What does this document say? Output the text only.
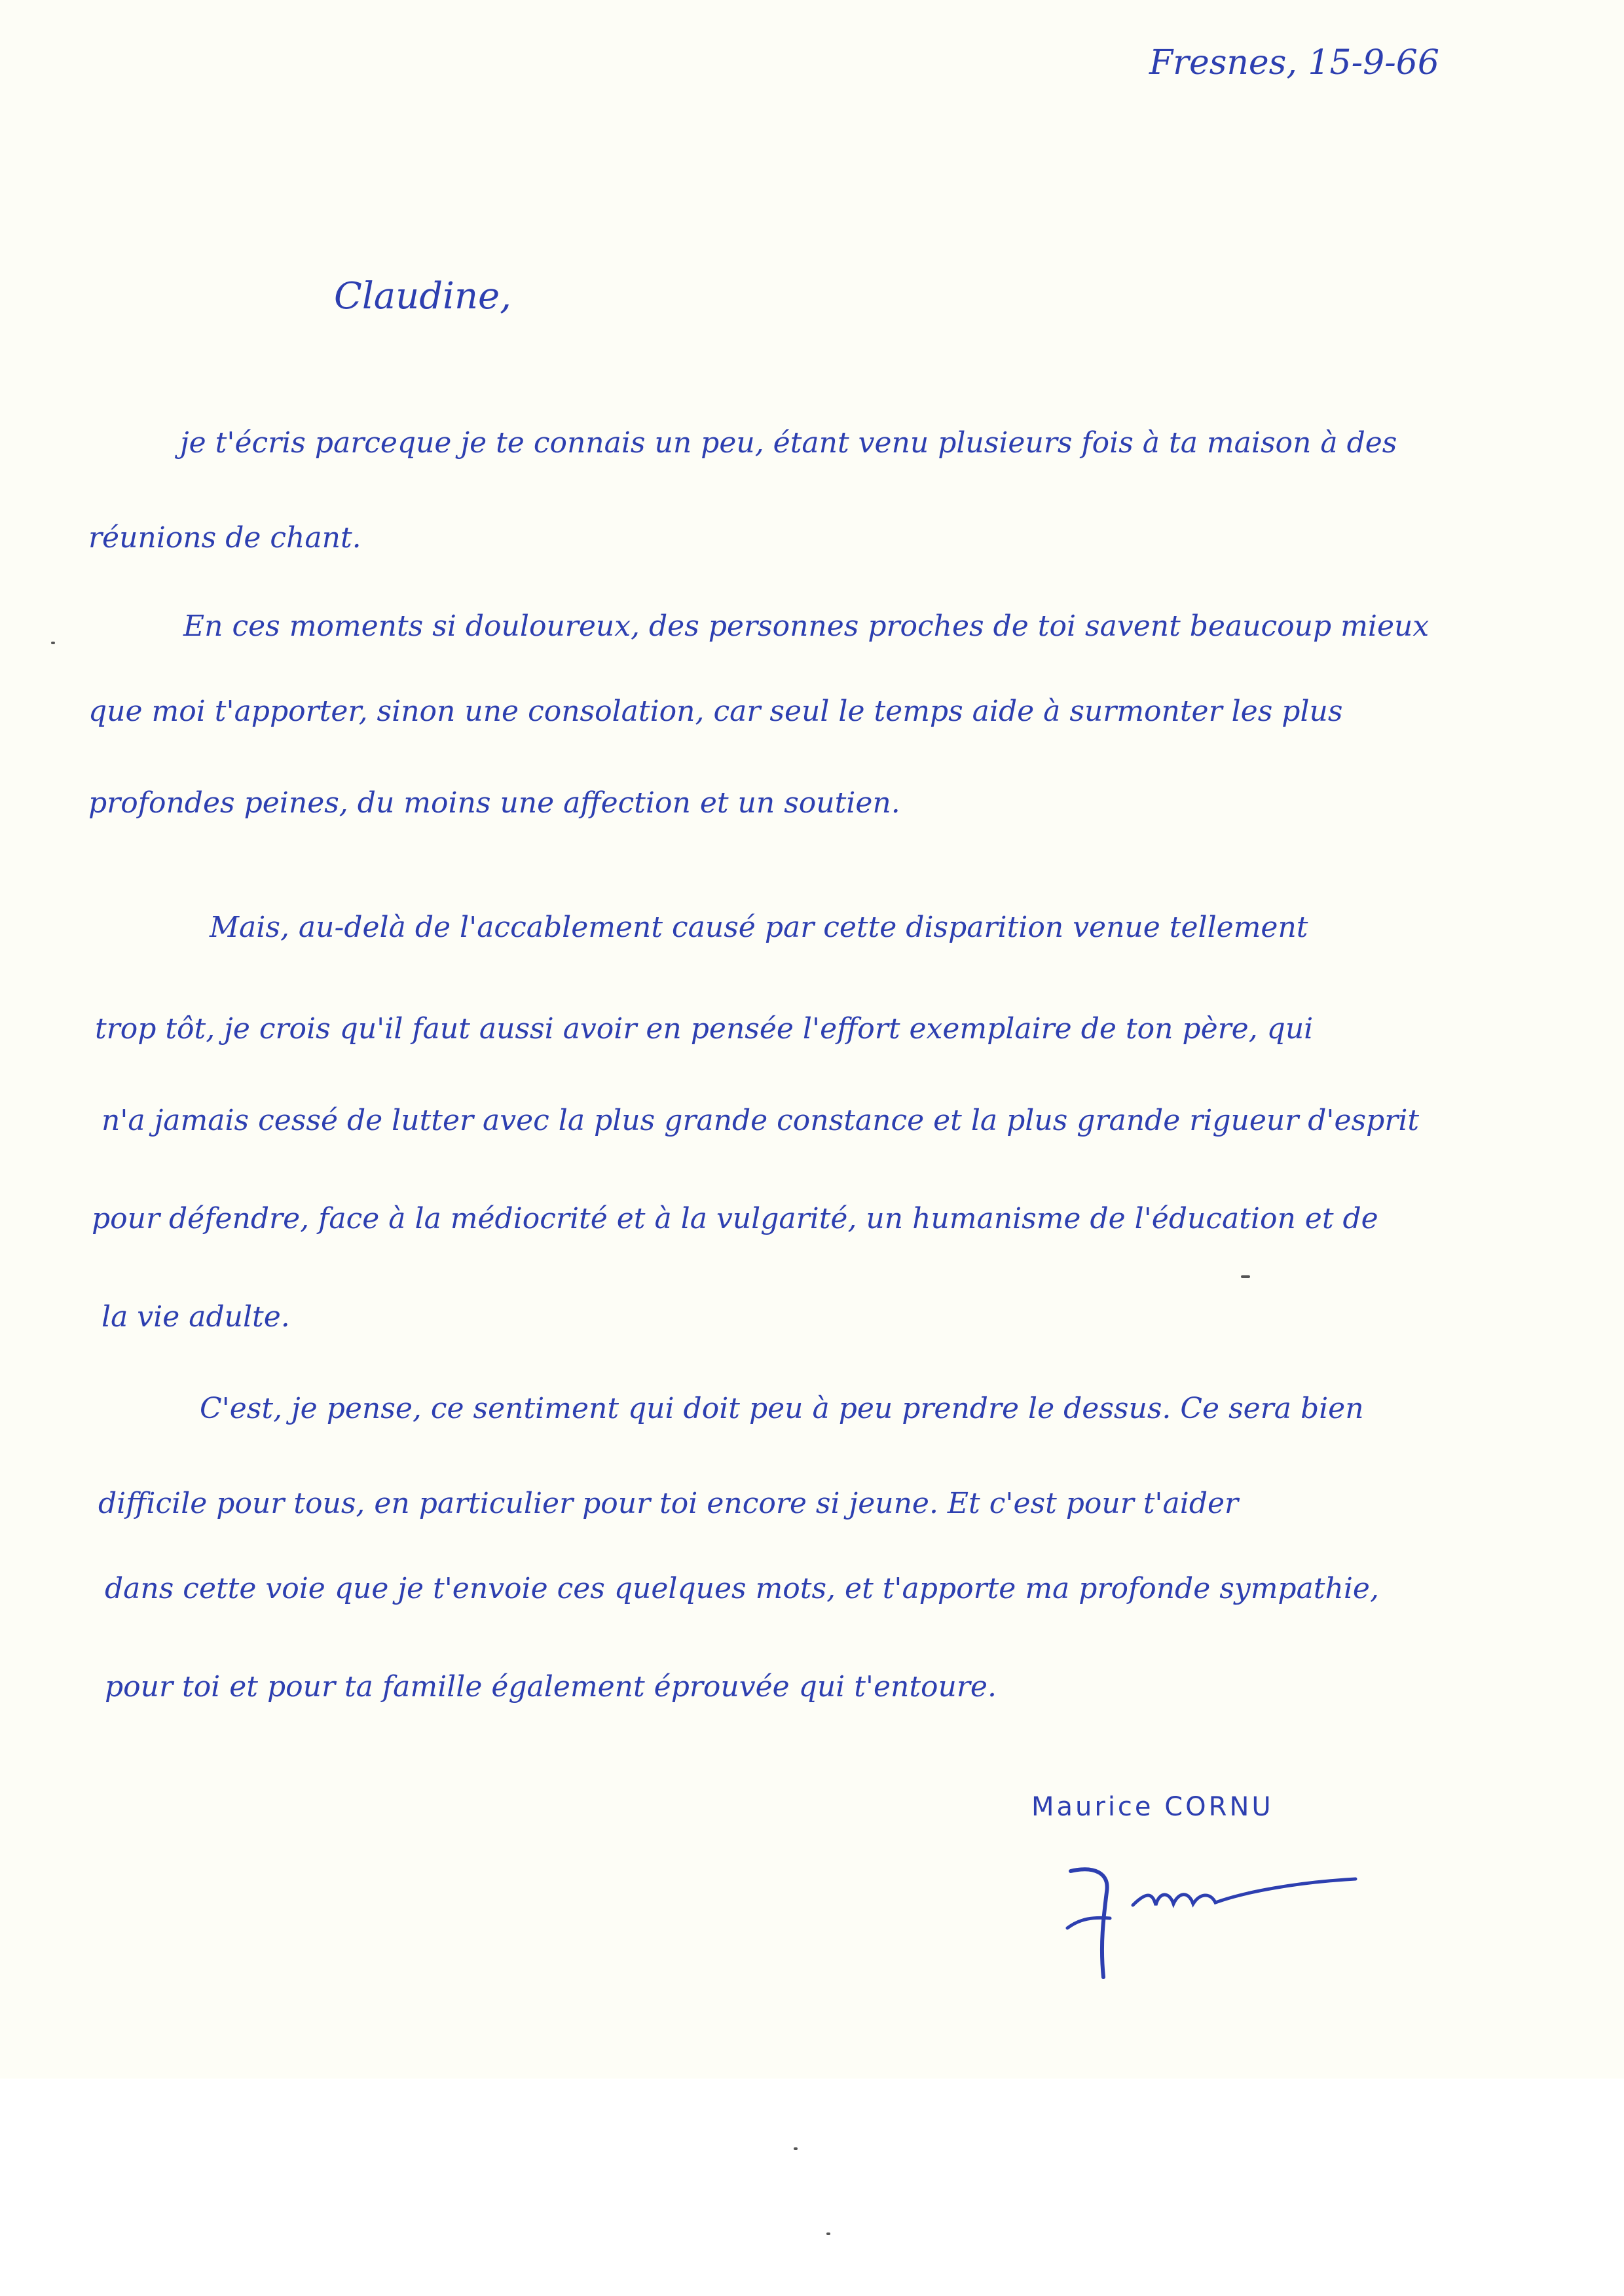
Fresnes, 15-9-66
Claudine,
je t'écris parceque je te connais un peu, étant venu plusieurs fois à ta maison à des
réunions de chant.
En ces moments si douloureux, des personnes proches de toi savent beaucoup mieux
que moi t'apporter, sinon une consolation, car seul le temps aide à surmonter les plus
profondes peines, du moins une affection et un soutien.
Mais, au-delà de l'accablement causé par cette disparition venue tellement
trop tôt, je crois qu'il faut aussi avoir en pensée l'effort exemplaire de ton père, qui
n'a jamais cessé de lutter avec la plus grande constance et la plus grande rigueur d'esprit
pour défendre, face à la médiocrité et à la vulgarité, un humanisme de l'éducation et de
la vie adulte.
C'est, je pense, ce sentiment qui doit peu à peu prendre le dessus. Ce sera bien
difficile pour tous, en particulier pour toi encore si jeune. Et c'est pour t'aider
dans cette voie que je t'envoie ces quelques mots, et t'apporte ma profonde sympathie,
pour toi et pour ta famille également éprouvée qui t'entoure.
Maurice CORNU
